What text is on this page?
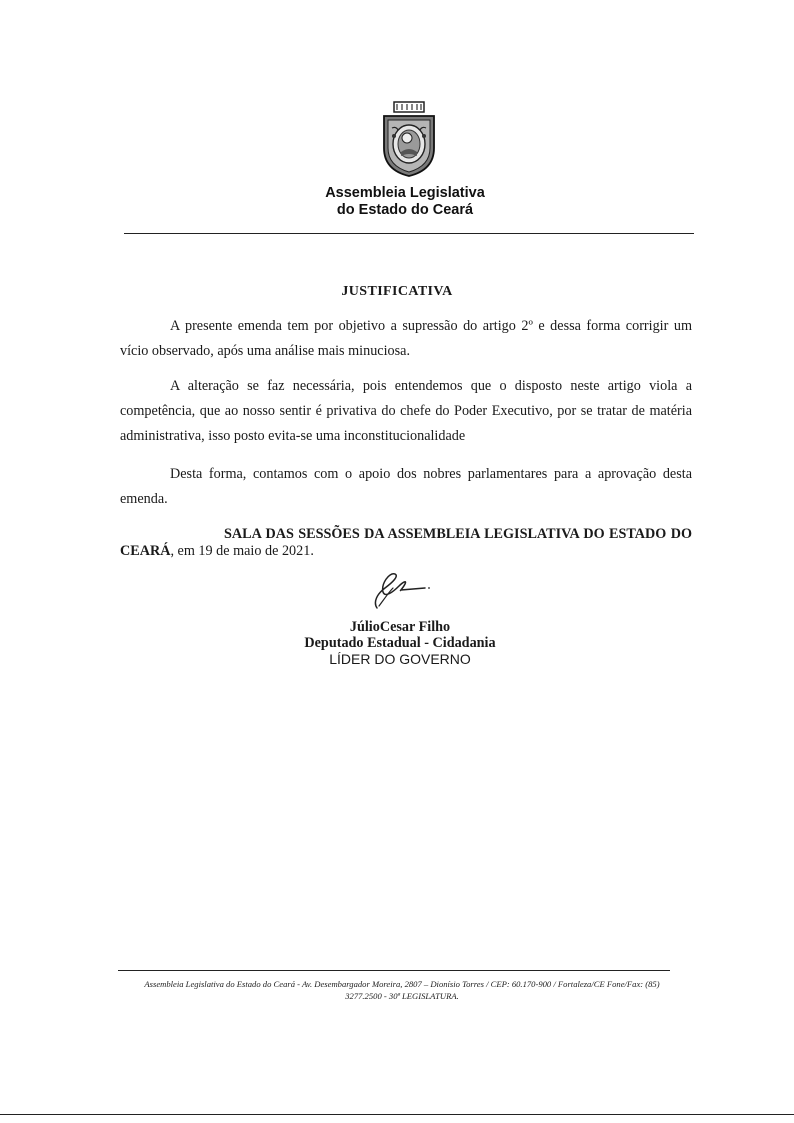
Assembleia Legislativa
do Estado do Ceará
JUSTIFICATIVA
A presente emenda tem por objetivo a supressão do artigo 2º e dessa forma corrigir um vício observado, após uma análise mais minuciosa.
A alteração se faz necessária, pois entendemos que o disposto neste artigo viola a competência, que ao nosso sentir é privativa do chefe do Poder Executivo, por se tratar de matéria administrativa, isso posto evita-se uma inconstitucionalidade
Desta forma, contamos com o apoio dos nobres parlamentares para a aprovação desta emenda.
SALA DAS SESSÕES DA ASSEMBLEIA LEGISLATIVA DO ESTADO DO CEARÁ, em 19 de maio de 2021.
JúlioCesar Filho
Deputado Estadual - Cidadania
LÍDER DO GOVERNO
Assembleia Legislativa do Estado do Ceará - Av. Desembargador Moreira, 2807 – Dionísio Torres / CEP: 60.170-900 / Fortaleza/CE Fone/Fax: (85)
3277.2500 - 30ª LEGISLATURA.
